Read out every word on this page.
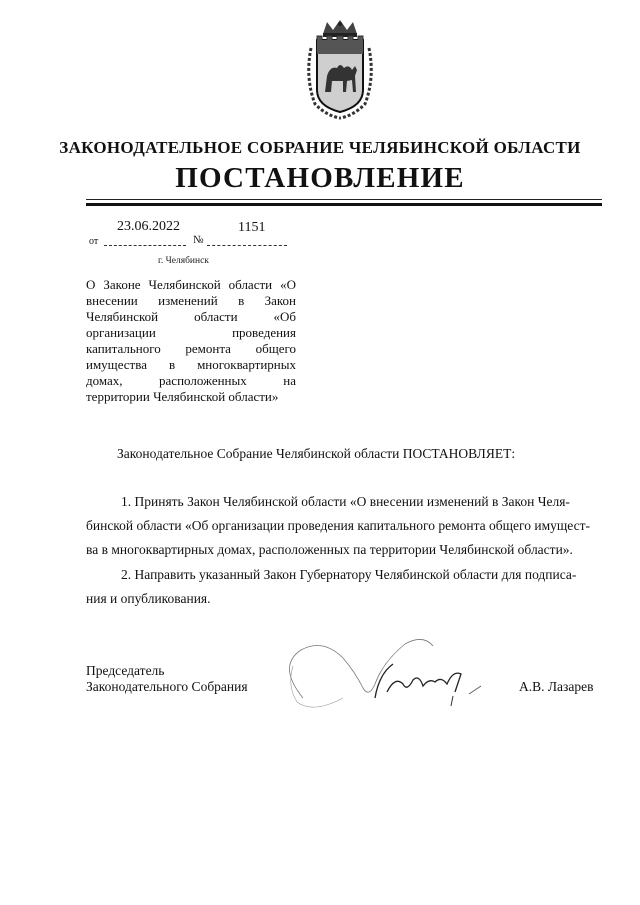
ЗАКОНОДАТЕЛЬНОЕ СОБРАНИЕ ЧЕЛЯБИНСКОЙ ОБЛАСТИ
ПОСТАНОВЛЕНИЕ
23.06.2022	1151
от	№
г. Челябинск
О Законе Челябинской области «О внесении изменений в Закон Челябинской области «Об организации проведения капитального ремонта общего имущества в многоквартирных домах, расположенных на территории Челябинской области»
Законодательное Собрание Челябинской области ПОСТАНОВЛЯЕТ:
1. Принять Закон Челябинской области «О внесении изменений в Закон Челя-
бинской области «Об организации проведения капитального ремонта общего имущест-
ва в многоквартирных домах, расположенных па территории Челябинской области».
2. Направить указанный Закон Губернатору Челябинской области для подписа-
ния и опубликования.
Председатель
Законодательного Собрания	А.В. Лазарев
